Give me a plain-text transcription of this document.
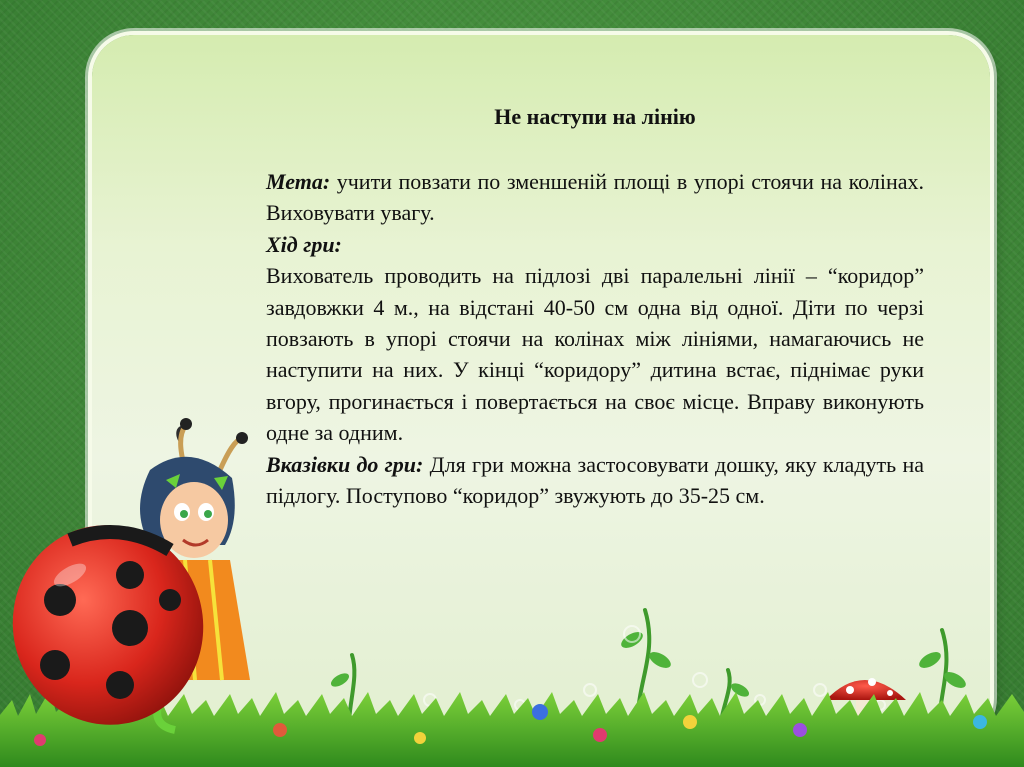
Не наступи на лінію

Мета: учити повзати по зменшеній площі в упорі стоячи на колінах. Виховувати увагу.

Хід гри:

Вихователь проводить на підлозі дві паралельні лінії – “коридор” завдовжки 4 м., на відстані 40-50 см одна від одної. Діти по черзі повзають в упорі стоячи на колінах між лініями, намагаючись не наступити на них. У кінці “коридору” дитина встає, піднімає руки вгору, прогинається і повертається на своє місце. Вправу виконують одне за одним.

Вказівки до гри: Для гри можна застосовувати дошку, яку кладуть на підлогу. Поступово “коридор” звужують до 35-25 см.
